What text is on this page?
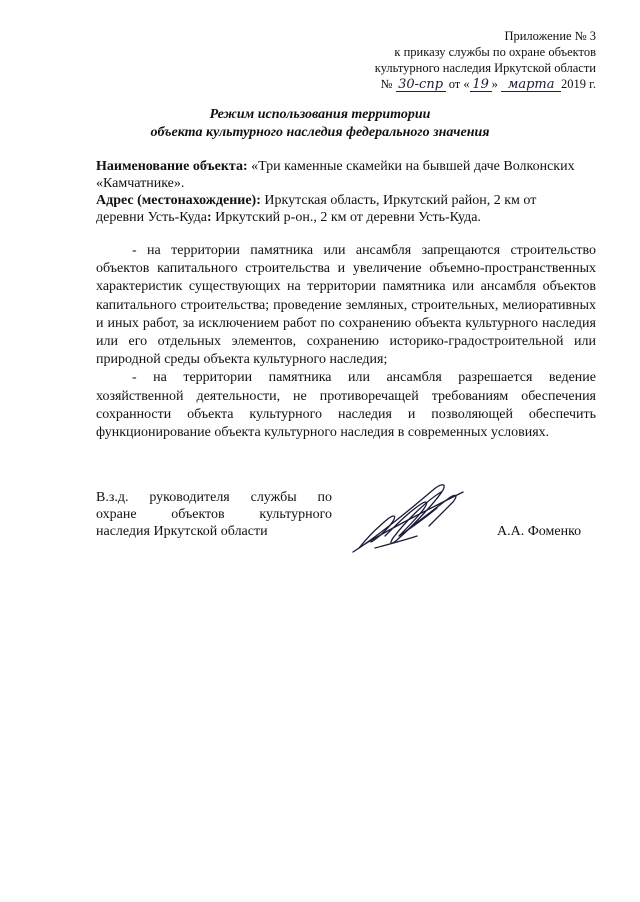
Приложение № 3
к приказу службы по охране объектов
культурного наследия Иркутской области
№ 30-спр от « 19 » марта 2019 г.
Режим использования территории
объекта культурного наследия федерального значения
Наименование объекта: «Три каменные скамейки на бывшей даче Волконских «Камчатнике».
Адрес (местонахождение): Иркутская область, Иркутский район, 2 км от деревни Усть-Куда: Иркутский р-он., 2 км от деревни Усть-Куда.

- на территории памятника или ансамбля запрещаются строительство объектов капитального строительства и увеличение объемно-пространственных характеристик существующих на территории памятника или ансамбля объектов капитального строительства; проведение земляных, строительных, мелиоративных и иных работ, за исключением работ по сохранению объекта культурного наследия или его отдельных элементов, сохранению историко-градостроительной или природной среды объекта культурного наследия;

- на территории памятника или ансамбля разрешается ведение хозяйственной деятельности, не противоречащей требованиям обеспечения сохранности объекта культурного наследия и позволяющей обеспечить функционирование объекта культурного наследия в современных условиях.

В.з.д. руководителя службы по
охране объектов культурного
наследия Иркутской области	А.А. Фоменко
